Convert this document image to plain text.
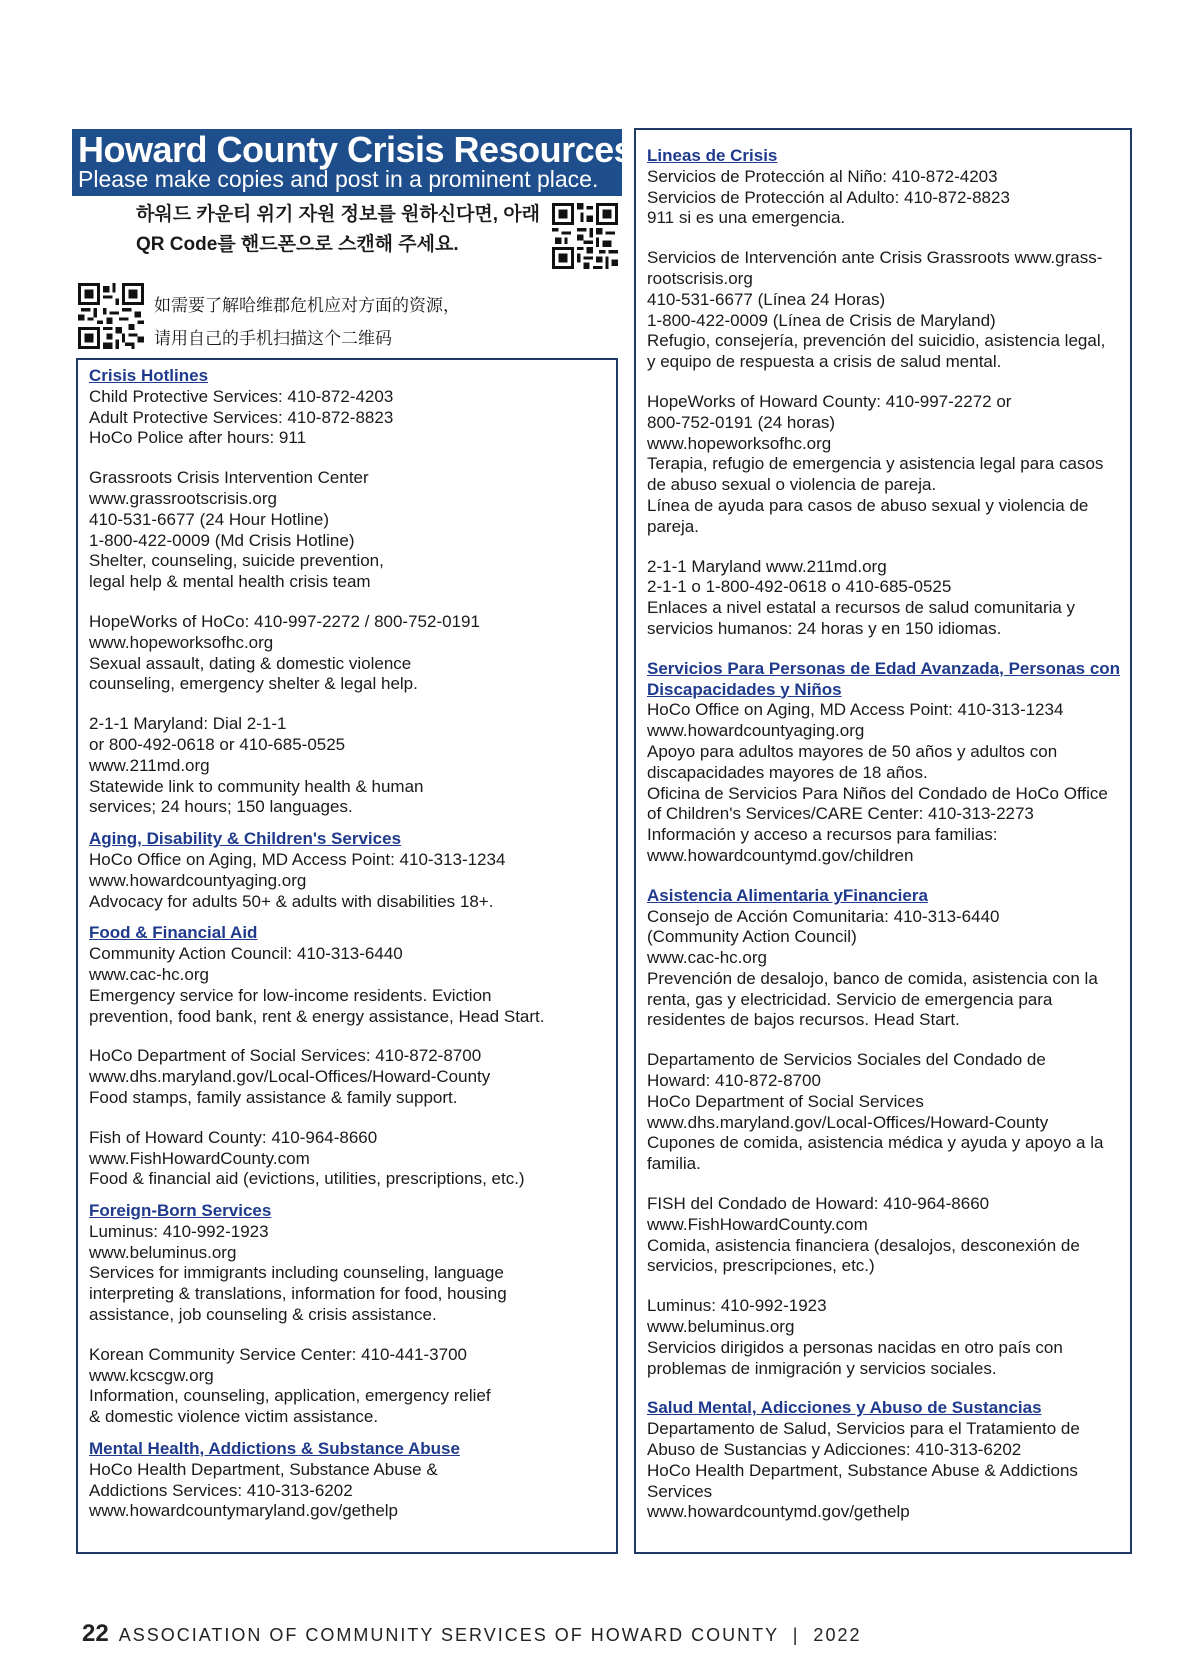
Howard County Crisis Resources
Please make copies and post in a prominent place.
하워드 카운티 위기 자원 정보를 원하신다면, 아래
QR Code를 핸드폰으로 스캔해 주세요.
如需要了解哈维郡危机应对方面的资源，
请用自己的手机扫描这个二维码
Crisis Hotlines

Child Protective Services: 410-872-4203
Adult Protective Services: 410-872-8823
HoCo Police after hours: 911

Grassroots Crisis Intervention Center
www.grassrootscrisis.org
410-531-6677 (24 Hour Hotline)
1-800-422-0009 (Md Crisis Hotline)
Shelter, counseling, suicide prevention,
legal help & mental health crisis team

HopeWorks of HoCo: 410-997-2272 / 800-752-0191
www.hopeworksofhc.org
Sexual assault, dating & domestic violence
counseling, emergency shelter & legal help.

2-1-1 Maryland: Dial 2-1-1
or 800-492-0618 or 410-685-0525
www.211md.org
Statewide link to community health & human
services; 24 hours; 150 languages.

Aging, Disability & Children's Services

HoCo Office on Aging, MD Access Point: 410-313-1234
www.howardcountyaging.org
Advocacy for adults 50+ & adults with disabilities 18+.

Food & Financial Aid

Community Action Council: 410-313-6440
www.cac-hc.org
Emergency service for low-income residents. Eviction
prevention, food bank, rent & energy assistance, Head Start.

HoCo Department of Social Services: 410-872-8700
www.dhs.maryland.gov/Local-Offices/Howard-County
Food stamps, family assistance & family support.

Fish of Howard County: 410-964-8660
www.FishHowardCounty.com
Food & financial aid (evictions, utilities, prescriptions, etc.)

Foreign-Born Services

Luminus: 410-992-1923
www.beluminus.org
Services for immigrants including counseling, language
interpreting & translations, information for food, housing
assistance, job counseling & crisis assistance.

Korean Community Service Center: 410-441-3700
www.kcscgw.org
Information, counseling, application, emergency relief
& domestic violence victim assistance.

Mental Health, Addictions & Substance Abuse

HoCo Health Department, Substance Abuse &
Addictions Services: 410-313-6202
www.howardcountymaryland.gov/gethelp

Lineas de Crisis

Servicios de Protección al Niño: 410-872-4203
Servicios de Protección al Adulto: 410-872-8823
911 si es una emergencia.

Servicios de Intervención ante Crisis Grassroots www.grass-
rootscrisis.org
410-531-6677 (Línea 24 Horas)
1-800-422-0009 (Línea de Crisis de Maryland)
Refugio, consejería, prevención del suicidio, asistencia legal,
y equipo de respuesta a crisis de salud mental.

HopeWorks of Howard County: 410-997-2272 or
800-752-0191 (24 horas)
www.hopeworksofhc.org
Terapia, refugio de emergencia y asistencia legal para casos
de abuso sexual o violencia de pareja.
Línea de ayuda para casos de abuso sexual y violencia de
pareja.

2-1-1 Maryland www.211md.org
2-1-1 o 1-800-492-0618 o 410-685-0525
Enlaces a nivel estatal a recursos de salud comunitaria y
servicios humanos: 24 horas y en 150 idiomas.

Servicios Para Personas de Edad Avanzada, Personas con
Discapacidades y Niños

HoCo Office on Aging, MD Access Point: 410-313-1234
www.howardcountyaging.org
Apoyo para adultos mayores de 50 años y adultos con
discapacidades mayores de 18 años.
Oficina de Servicios Para Niños del Condado de HoCo Office
of Children's Services/CARE Center: 410-313-2273
Información y acceso a recursos para familias:
www.howardcountymd.gov/children

Asistencia Alimentaria yFinanciera

Consejo de Acción Comunitaria: 410-313-6440
(Community Action Council)
www.cac-hc.org
Prevención de desalojo, banco de comida, asistencia con la
renta, gas y electricidad. Servicio de emergencia para
residentes de bajos recursos. Head Start.

Departamento de Servicios Sociales del Condado de
Howard: 410-872-8700
HoCo Department of Social Services
www.dhs.maryland.gov/Local-Offices/Howard-County
Cupones de comida, asistencia médica y ayuda y apoyo a la
familia.

FISH del Condado de Howard: 410-964-8660
www.FishHowardCounty.com
Comida, asistencia financiera (desalojos, desconexión de
servicios, prescripciones, etc.)

Luminus: 410-992-1923
www.beluminus.org
Servicios dirigidos a personas nacidas en otro país con
problemas de inmigración y servicios sociales.

Salud Mental, Adicciones y Abuso de Sustancias

Departamento de Salud, Servicios para el Tratamiento de
Abuso de Sustancias y Adicciones: 410-313-6202
HoCo Health Department, Substance Abuse & Addictions
Services
www.howardcountymd.gov/gethelp

22 ASSOCIATION OF COMMUNITY SERVICES OF HOWARD COUNTY  |  2022
